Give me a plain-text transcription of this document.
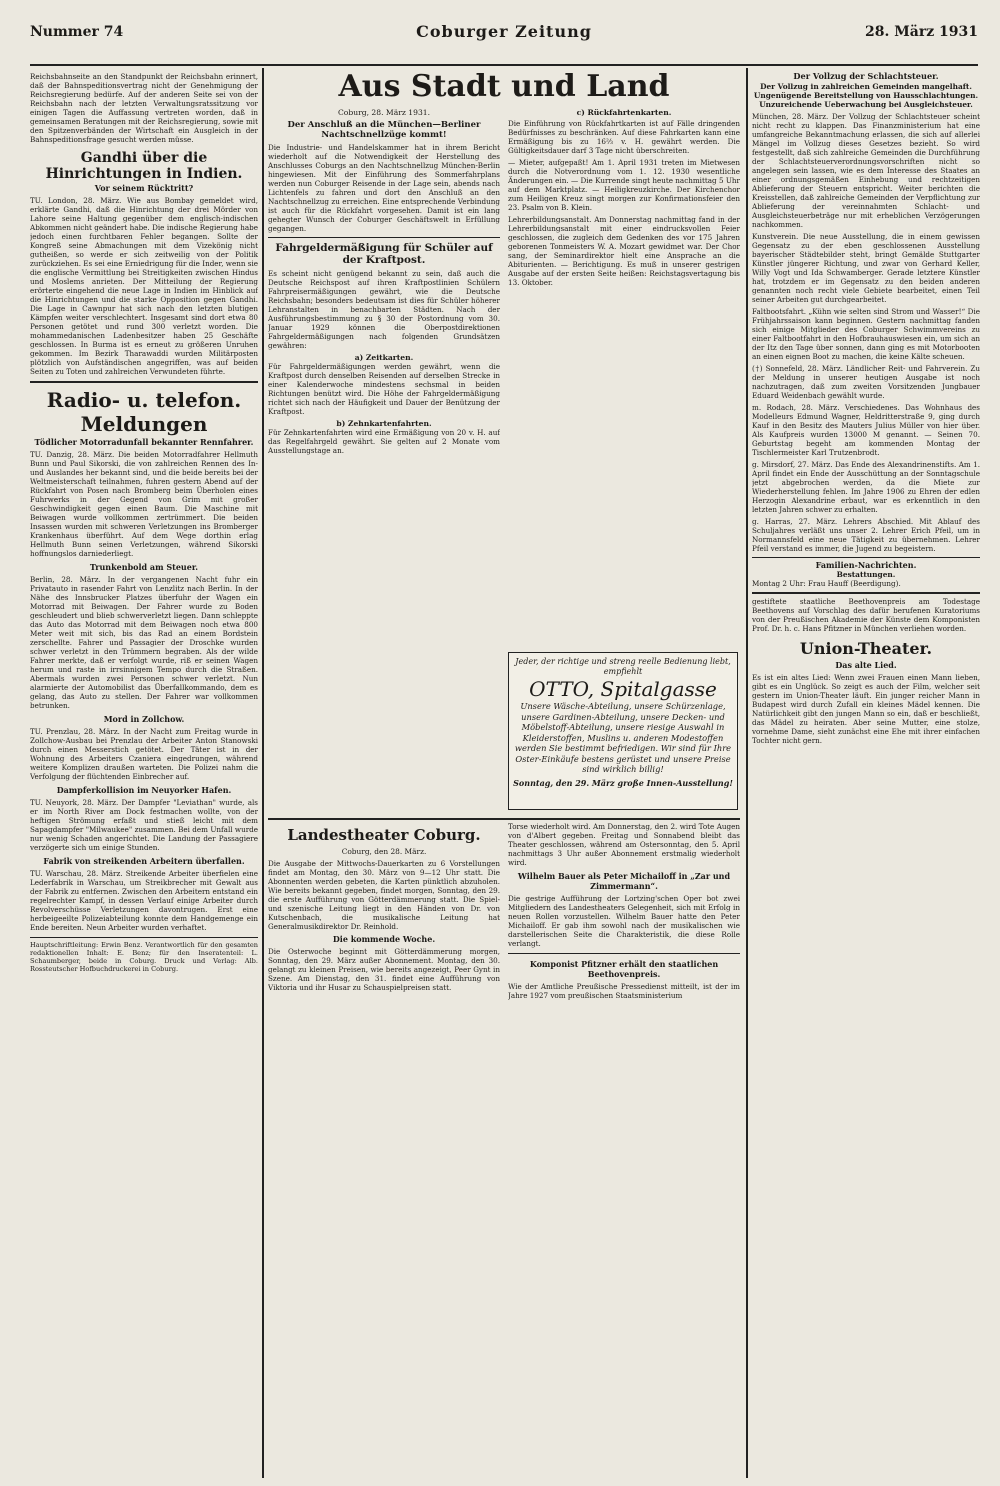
Nummer 74	Coburger Zeitung	28. März 1931

Reichsbahnseite an den Standpunkt der Reichsbahn erinnert, daß der Bahnspeditionsvertrag nicht der Genehmigung der Reichsregierung bedürfe. Auf der anderen Seite sei von der Reichsbahn nach der letzten Verwaltungsratssitzung vor einigen Tagen die Auffassung vertreten worden, daß in gemeinsamen Beratungen mit der Reichsregierung, sowie mit den Spitzenverbänden der Wirtschaft ein Ausgleich in der Bahnspeditionsfrage gesucht werden müsse.

Gandhi über die Hinrichtungen in Indien.
Vor seinem Rücktritt?

TU. London, 28. März. Wie aus Bombay gemeldet wird, erklärte Gandhi, daß die Hinrichtung der drei Mörder von Lahore seine Haltung gegenüber dem englisch-indischen Abkommen nicht geändert habe. Die indische Regierung habe jedoch einen furchtbaren Fehler begangen. Sollte der Kongreß seine Abmachungen mit dem Vizekönig nicht gutheißen, so werde er sich zeitweilig von der Politik zurückziehen. Es sei eine Erniedrigung für die Inder, wenn sie die englische Vermittlung bei Streitigkeiten zwischen Hindus und Moslems anrieten. Der Mitteilung der Regierung erörterte eingehend die neue Lage in Indien im Hinblick auf die Hinrichtungen und die starke Opposition gegen Gandhi. Die Lage in Cawnpur hat sich nach den letzten blutigen Kämpfen weiter verschlechtert. Insgesamt sind dort etwa 80 Personen getötet und rund 300 verletzt worden. Die mohammedanischen Ladenbesitzer haben 25 Geschäfte geschlossen. In Burma ist es erneut zu größeren Unruhen gekommen. Im Bezirk Tharawaddi wurden Militärposten plötzlich von Aufständischen angegriffen, was auf beiden Seiten zu Toten und zahlreichen Verwundeten führte.

Radio- u. telefon. Meldungen
Tödlicher Motorradunfall bekannter Rennfahrer.

TU. Danzig, 28. März. Die beiden Motorradfahrer Hellmuth Bunn und Paul Sikorski, die von zahlreichen Rennen des In- und Auslandes her bekannt sind, und die beide bereits bei der Weltmeisterschaft teilnahmen, fuhren gestern Abend auf der Rückfahrt von Posen nach Bromberg beim Überholen eines Fuhrwerks in der Gegend von Grim mit großer Geschwindigkeit gegen einen Baum. Die Maschine mit Beiwagen wurde vollkommen zertrümmert. Die beiden Insassen wurden mit schweren Verletzungen ins Bromberger Krankenhaus überführt. Auf dem Wege dorthin erlag Hellmuth Bunn seinen Verletzungen, während Sikorski hoffnungslos darniederliegt.

Trunkenbold am Steuer.

Berlin, 28. März. In der vergangenen Nacht fuhr ein Privatauto in rasender Fahrt von Lenzlitz nach Berlin. In der Nähe des Innsbrucker Platzes überfuhr der Wagen ein Motorrad mit Beiwagen. Der Fahrer wurde zu Boden geschleudert und blieb schwerverletzt liegen. Dann schleppte das Auto das Motorrad mit dem Beiwagen noch etwa 800 Meter weit mit sich, bis das Rad an einem Bordstein zerschellte. Fahrer und Passagier der Droschke wurden schwer verletzt in den Trümmern begraben. Als der wilde Fahrer merkte, daß er verfolgt wurde, riß er seinen Wagen herum und raste in irrsinnigem Tempo durch die Straßen. Abermals wurden zwei Personen schwer verletzt. Nun alarmierte der Automobilist das Überfallkommando, dem es gelang, das Auto zu stellen. Der Fahrer war vollkommen betrunken.

Mord in Zollchow.

TU. Prenzlau, 28. März. In der Nacht zum Freitag wurde in Zollchow-Ausbau bei Prenzlau der Arbeiter Anton Stanowski durch einen Messerstich getötet. Der Täter ist in der Wohnung des Arbeiters Czaniera eingedrungen, während weitere Komplizen draußen warteten. Die Polizei nahm die Verfolgung der flüchtenden Einbrecher auf.

Dampferkollision im Neuyorker Hafen.

TU. Neuyork, 28. März. Der Dampfer "Leviathan" wurde, als er im North River am Dock festmachen wollte, von der heftigen Strömung erfaßt und stieß leicht mit dem Sapagdampfer "Milwaukee" zusammen. Bei dem Unfall wurde nur wenig Schaden angerichtet. Die Landung der Passagiere verzögerte sich um einige Stunden.

Fabrik von streikenden Arbeitern überfallen.

TU. Warschau, 28. März. Streikende Arbeiter überfielen eine Lederfabrik in Warschau, um Streikbrecher mit Gewalt aus der Fabrik zu entfernen. Zwischen den Arbeitern entstand ein regelrechter Kampf, in dessen Verlauf einige Arbeiter durch Revolverschüsse Verletzungen davontrugen. Erst eine herbeigeeilte Polizeiabteilung konnte dem Handgemenge ein Ende bereiten. Neun Arbeiter wurden verhaftet.

Hauptschriftleitung: Erwin Benz. Verantwortlich für den gesamten redaktionellen Inhalt: E. Benz; für den Inseratenteil: L. Schaumberger, beide in Coburg. Druck und Verlag: Alb. Rossteutscher Hofbuchdruckerei in Coburg.

Aus Stadt und Land
Coburg, 28. März 1931.
Der Anschluß an die München—Berliner Nachtschnellzüge kommt!

Die Industrie- und Handelskammer hat in ihrem Bericht wiederholt auf die Notwendigkeit der Herstellung des Anschlusses Coburgs an den Nachtschnellzug München-Berlin hingewiesen. Mit der Einführung des Sommerfahrplans werden nun Coburger Reisende in der Lage sein, abends nach Lichtenfels zu fahren und dort den Anschluß an den Nachtschnellzug zu erreichen. Eine entsprechende Verbindung ist auch für die Rückfahrt vorgesehen. Damit ist ein lang gehegter Wunsch der Coburger Geschäftswelt in Erfüllung gegangen.

Fahrgeldermäßigung für Schüler auf der Kraftpost.

Es scheint nicht genügend bekannt zu sein, daß auch die Deutsche Reichspost auf ihren Kraftpostlinien Schülern Fahrpreisermäßigungen gewährt, wie die Deutsche Reichsbahn; besonders bedeutsam ist dies für Schüler höherer Lehranstalten in benachbarten Städten. Nach der Ausführungsbestimmung zu § 30 der Postordnung vom 30. Januar 1929 können die Oberpostdirektionen Fahrgeldermäßigungen nach folgenden Grundsätzen gewähren:

a) Zeitkarten.

Für Fahrgeldermäßigungen werden gewährt, wenn die Kraftpost durch denselben Reisenden auf derselben Strecke in einer Kalenderwoche mindestens sechsmal in beiden Richtungen benützt wird. Die Höhe der Fahrgeldermäßigung richtet sich nach der Häufigkeit und Dauer der Benützung der Kraftpost.

b) Zehnkartenfahrten.

Für Zehnkartenfahrten wird eine Ermäßigung von 20 v. H. auf das Regelfahrgeld gewährt. Sie gelten auf 2 Monate vom Ausstellungstage an.

c) Rückfahrtenkarten.

Die Einführung von Rückfahrtkarten ist auf Fälle dringenden Bedürfnisses zu beschränken. Auf diese Fahrkarten kann eine Ermäßigung bis zu 16⅔ v. H. gewährt werden. Die Gültigkeitsdauer darf 3 Tage nicht überschreiten.

— Mieter, aufgepaßt! Am 1. April 1931 treten im Mietwesen durch die Notverordnung vom 1. 12. 1930 wesentliche Änderungen ein. — Die Kurrende singt heute nachmittag 5 Uhr auf dem Marktplatz. — Heiligkreuzkirche. Der Kirchenchor zum Heiligen Kreuz singt morgen zur Konfirmationsfeier den 23. Psalm von B. Klein.

Lehrerbildungsanstalt. Am Donnerstag nachmittag fand in der Lehrerbildungsanstalt mit einer eindrucksvollen Feier geschlossen, die zugleich dem Gedenken des vor 175 Jahren geborenen Tonmeisters W. A. Mozart gewidmet war. Der Chor sang, der Seminardirektor hielt eine Ansprache an die Abiturienten. — Berichtigung. Es muß in unserer gestrigen Ausgabe auf der ersten Seite heißen: Reichstagsvertagung bis 13. Oktober.

Jeder, der richtige und streng reelle Bedienung liebt, empfiehlt
OTTO, Spitalgasse
Unsere Wäsche-Abteilung, unsere Schürzenlage, unsere Gardinen-Abteilung, unsere Decken- und Möbelstoff-Abteilung, unsere riesige Auswahl in Kleiderstoffen, Muslins u. anderen Modestoffen werden Sie bestimmt befriedigen. Wir sind für Ihre Oster-Einkäufe bestens gerüstet und unsere Preise sind wirklich billig!
Sonntag, den 29. März große Innen-Ausstellung!
Landestheater Coburg.
Coburg, den 28. März.

Die Ausgabe der Mittwochs-Dauerkarten zu 6 Vorstellungen findet am Montag, den 30. März von 9—12 Uhr statt. Die Abonnenten werden gebeten, die Karten pünktlich abzuholen. Wie bereits bekannt gegeben, findet morgen, Sonntag, den 29. die erste Aufführung von Götterdämmerung statt. Die Spiel- und szenische Leitung liegt in den Händen von Dr. von Kutschenbach, die musikalische Leitung hat Generalmusikdirektor Dr. Reinhold.

Die kommende Woche.

Die Osterwoche beginnt mit Götterdämmerung morgen, Sonntag, den 29. März außer Abonnement. Montag, den 30. gelangt zu kleinen Preisen, wie bereits angezeigt, Peer Gynt in Szene. Am Dienstag, den 31. findet eine Aufführung von Viktoria und ihr Husar zu Schauspielpreisen statt.

Torse wiederholt wird. Am Donnerstag, den 2. wird Tote Augen von d'Albert gegeben. Freitag und Sonnabend bleibt das Theater geschlossen, während am Ostersonntag, den 5. April nachmittags 3 Uhr außer Abonnement erstmalig wiederholt wird.

Wilhelm Bauer als Peter Michailoff in „Zar und Zimmermann“.

Die gestrige Aufführung der Lortzing'schen Oper bot zwei Mitgliedern des Landestheaters Gelegenheit, sich mit Erfolg in neuen Rollen vorzustellen. Wilhelm Bauer hatte den Peter Michailoff. Er gab ihm sowohl nach der musikalischen wie darstellerischen Seite die Charakteristik, die diese Rolle verlangt.

Komponist Pfitzner erhält den staatlichen Beethovenpreis.

Wie der Amtliche Preußische Pressedienst mitteilt, ist der im Jahre 1927 vom preußischen Staatsministerium

Der Vollzug der Schlachtsteuer.
Der Vollzug in zahlreichen Gemeinden mangelhaft. Ungenügende Bereitstellung von Hausschlachtungen. Unzureichende Ueberwachung bei Ausgleichsteuer.

München, 28. März. Der Vollzug der Schlachtsteuer scheint nicht recht zu klappen. Das Finanzministerium hat eine umfangreiche Bekanntmachung erlassen, die sich auf allerlei Mängel im Vollzug dieses Gesetzes bezieht. So wird festgestellt, daß sich zahlreiche Gemeinden die Durchführung der Schlachtsteuerverordnungsvorschriften nicht so angelegen sein lassen, wie es dem Interesse des Staates an einer ordnungsgemäßen Einhebung und rechtzeitigen Ablieferung der Steuern entspricht. Weiter berichten die Kreisstellen, daß zahlreiche Gemeinden der Verpflichtung zur Ablieferung der vereinnahmten Schlacht- und Ausgleichsteuerbeträge nur mit erheblichen Verzögerungen nachkommen.

Kunstverein. Die neue Ausstellung, die in einem gewissen Gegensatz zu der eben geschlossenen Ausstellung bayerischer Städtebilder steht, bringt Gemälde Stuttgarter Künstler jüngerer Richtung, und zwar von Gerhard Keller, Willy Vogt und Ida Schwamberger. Gerade letztere Künstler hat, trotzdem er im Gegensatz zu den beiden anderen genannten noch recht viele Gebiete bearbeitet, einen Teil seiner Arbeiten gut durchgearbeitet.

Faltbootsfahrt. „Kühn wie selten sind Strom und Wasser!“ Die Frühjahrssaison kann beginnen. Gestern nachmittag fanden sich einige Mitglieder des Coburger Schwimmvereins zu einer Faltbootfahrt in den Hofbrauhauswiesen ein, um sich an der Itz den Tage über sonnen, dann ging es mit Motorbooten an einen eignen Boot zu machen, die keine Kälte scheuen.

(†) Sonnefeld, 28. März. Ländlicher Reit- und Fahrverein. Zu der Meldung in unserer heutigen Ausgabe ist noch nachzutragen, daß zum zweiten Vorsitzenden Jungbauer Eduard Weidenbach gewählt wurde.

m. Rodach, 28. März. Verschiedenes. Das Wohnhaus des Modelleurs Edmund Wagner, Heldritterstraße 9, ging durch Kauf in den Besitz des Mauters Julius Müller von hier über. Als Kaufpreis wurden 13000 M genannt. — Seinen 70. Geburtstag begeht am kommenden Montag der Tischlermeister Karl Trutzenbrodt.

g. Mirsdorf, 27. März. Das Ende des Alexandrinenstifts. Am 1. April findet ein Ende der Ausschüttung an der Sonntagschule jetzt abgebrochen werden, da die Miete zur Wiederherstellung fehlen. Im Jahre 1906 zu Ehren der edlen Herzogin Alexandrine erbaut, war es erkenntlich in den letzten Jahren schwer zu erhalten.

g. Harras, 27. März. Lehrers Abschied. Mit Ablauf des Schuljahres verläßt uns unser 2. Lehrer Erich Pfeil, um in Normannsfeld eine neue Tätigkeit zu übernehmen. Lehrer Pfeil verstand es immer, die Jugend zu begeistern.

Familien-Nachrichten.
Bestattungen.

Montag 2 Uhr: Frau Hauff (Beerdigung).

gestiftete staatliche Beethovenpreis am Todestage Beethovens auf Vorschlag des dafür berufenen Kuratoriums von der Preußischen Akademie der Künste dem Komponisten Prof. Dr. h. c. Hans Pfitzner in München verliehen worden.

Union-Theater.
Das alte Lied.

Es ist ein altes Lied: Wenn zwei Frauen einen Mann lieben, gibt es ein Unglück. So zeigt es auch der Film, welcher seit gestern im Union-Theater läuft. Ein junger reicher Mann in Budapest wird durch Zufall ein kleines Mädel kennen. Die Natürlichkeit gibt den jungen Mann so ein, daß er beschließt, das Mädel zu heiraten. Aber seine Mutter, eine stolze, vornehme Dame, sieht zunächst eine Ehe mit ihrer einfachen Tochter nicht gern.
